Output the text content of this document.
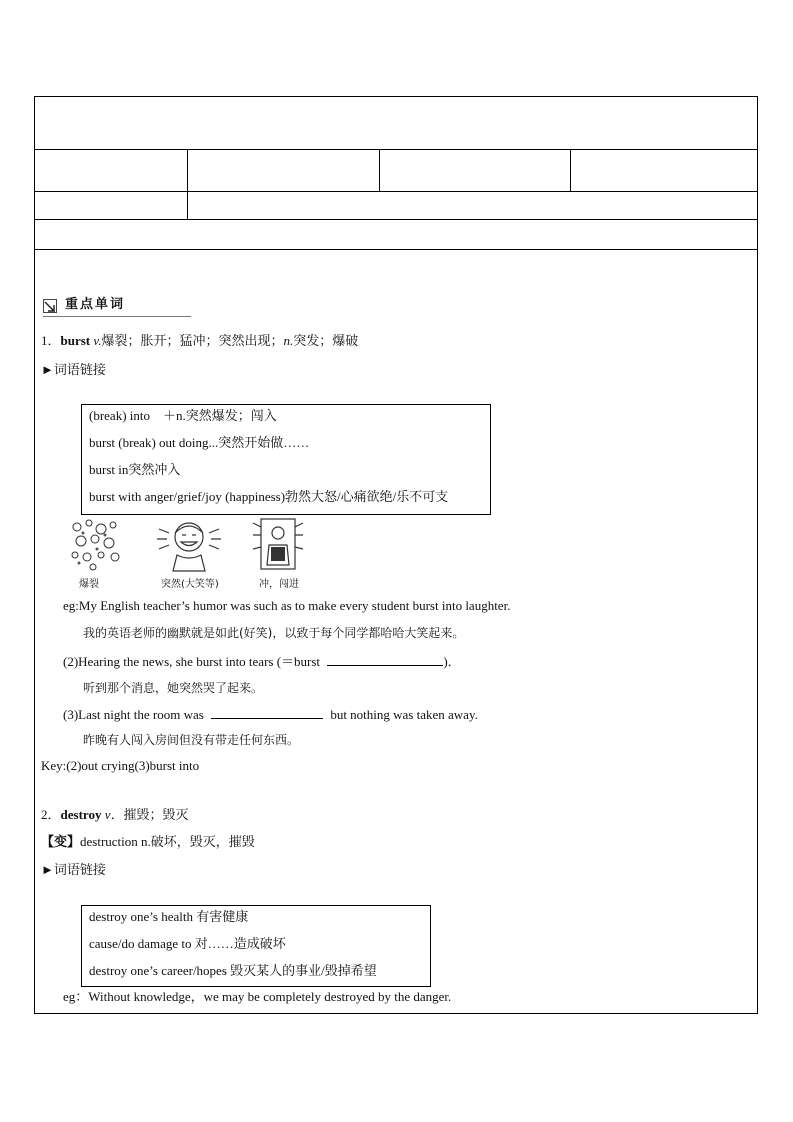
重点单词
1．burst v.爆裂；胀开；猛冲；突然出现；n.突发；爆破
►词语链接
(break) into　＋n.突然爆发；闯入
burst (break) out doing...突然开始做……
burst in突然冲入
burst with anger/grief/joy (happiness)勃然大怒/心痛欲绝/乐不可支
爆裂	突然(大笑等)	冲，闯进
eg:My English teacher’s humor was such as to make every student burst into laughter.
我的英语老师的幽默就是如此(好笑)，以致于每个同学都哈哈大笑起来。
(2)Hearing the news, she burst into tears (＝burst	)．
听到那个消息，她突然哭了起来。
(3)Last night the room was	but nothing was taken away.
昨晚有人闯入房间但没有带走任何东西。
Key:(2)out crying(3)burst into
2．destroy v．摧毁；毁灭
【变】destruction n.破坏，毁灭，摧毁
►词语链接
destroy one’s health 有害健康
cause/do damage to 对……造成破坏
destroy one’s career/hopes 毁灭某人的事业/毁掉希望
eg：Without knowledge，we may be completely destroyed by the danger.
